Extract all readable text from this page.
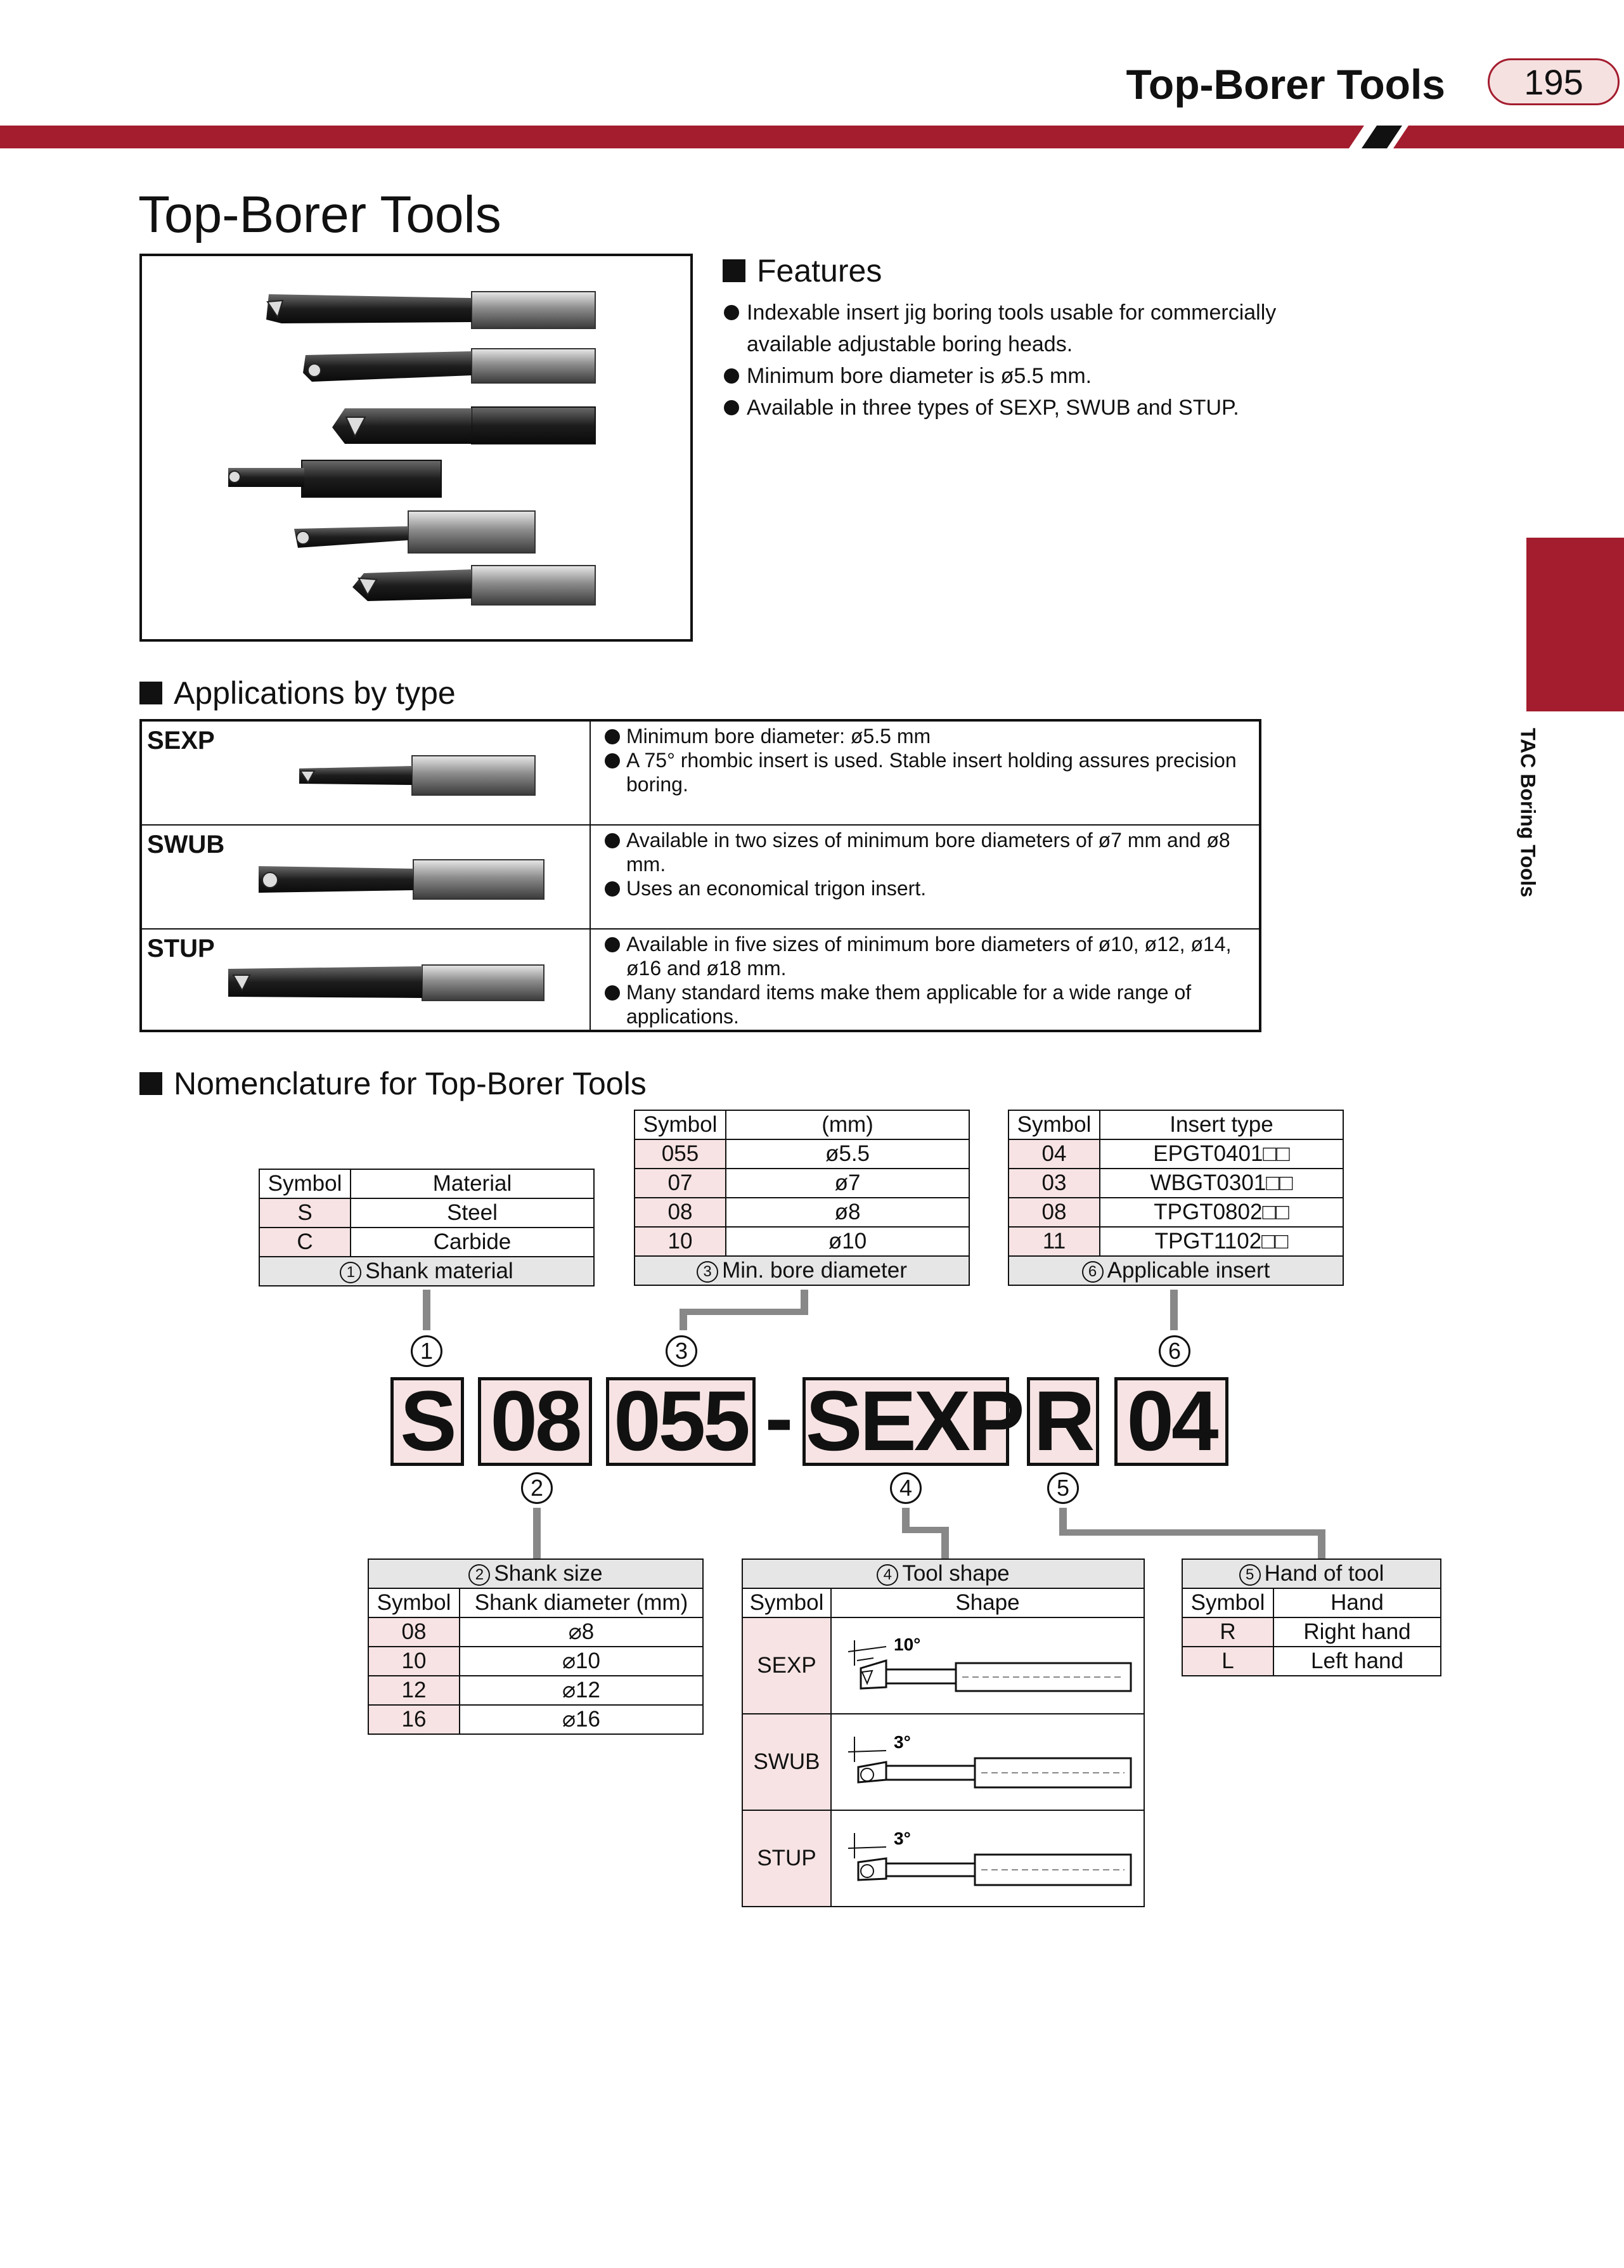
Top-Borer Tools 195
TAC Boring Tools
Top-Borer Tools
Features
Indexable insert jig boring tools usable for commercially available adjustable boring heads.
Minimum bore diameter is ø5.5 mm.
Available in three types of SEXP, SWUB and STUP.
Applications by type
SEXP	Minimum bore diameter: ø5.5 mm
A 75° rhombic insert is used. Stable insert holding assures precision boring.
SWUB	Available in two sizes of minimum bore diameters of ø7 mm and ø8 mm.
Uses an economical trigon insert.
STUP	Available in five sizes of minimum bore diameters of ø10, ø12, ø14, ø16 and ø18 mm.
Many standard items make them applicable for a wide range of applications.
Nomenclature for Top-Borer Tools
Symbol	Material
S	Steel
C	Carbide
1 Shank material	
Symbol	(mm)
055	ø5.5
07	ø7
08	ø8
10	ø10
3 Min. bore diameter	
Symbol	Insert type
04	EPGT0401□□
03	WBGT0301□□
08	TPGT0802□□
11	TPGT1102□□
6 Applicable insert	
1	3	6
S 08 055 - SEXP R 04
2	4	5
2 Shank size	
Symbol	Shank diameter (mm)
08	⌀8
10	⌀10
12	⌀12
16	⌀16
4 Tool shape	
Symbol	Shape
SEXP	10°

SWUB	3°

STUP	3°
5 Hand of tool	
Symbol	Hand
R	Right hand
L	Left hand
